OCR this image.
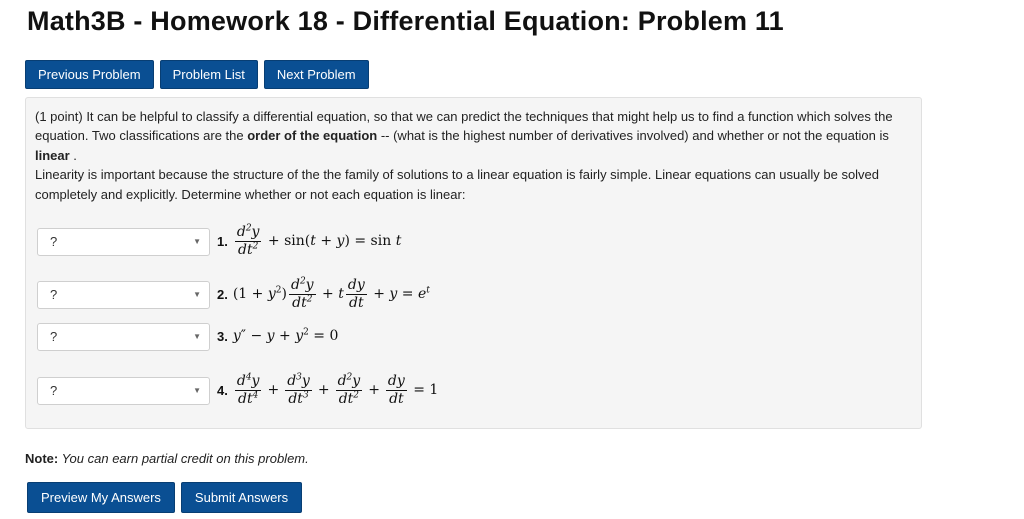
Math3B - Homework 18 - Differential Equation: Problem 11
Previous Problem	Problem List	Next Problem

(1 point) It can be helpful to classify a differential equation, so that we can predict the techniques that might help us to find a function which solves the equation. Two classifications are the order of the equation -- (what is the highest number of derivatives involved) and whether or not the equation is linear .

Linearity is important because the structure of the the family of solutions to a linear equation is fairly simple. Linear equations can usually be solved completely and explicitly. Determine whether or not each equation is linear:

?	▼ 1. $\frac{d^2y}{dt^2} + \sin(t + y) = \sin t$
?	▼ 2. $(1 + y^2) \frac{d^2y}{dt^2} + t \frac{dy}{dt} + y = e^t$
?	▼ 3. $y'' - y + y^2 = 0$
?	▼ 4. $\frac{d^4y}{dt^4} + \frac{d^3y}{dt^3} + \frac{d^2y}{dt^2} + \frac{dy}{dt} = 1$
Note: You can earn partial credit on this problem.
Preview My Answers	Submit Answers
